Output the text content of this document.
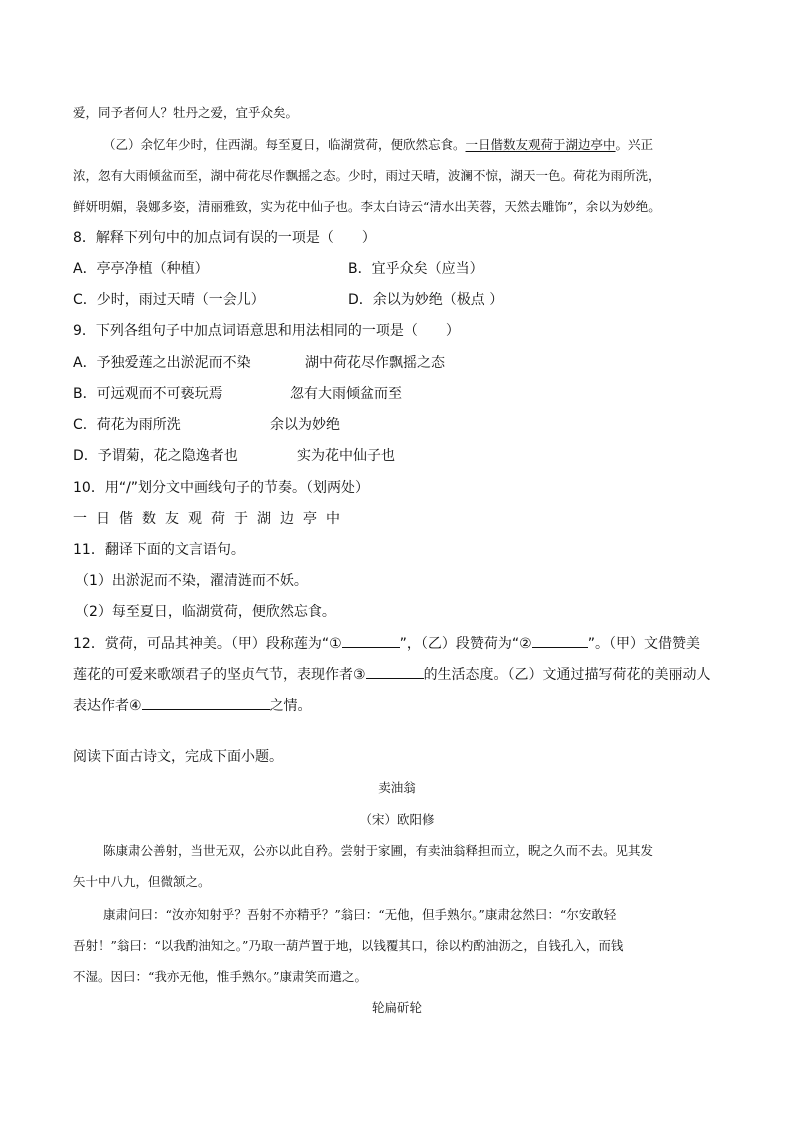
爱，同予者何人？牡丹之爱，宜乎众矣。
（乙）余忆年少时，住西湖。每至夏日，临湖赏荷，便欣然忘食。一日偕数友观荷于湖边亭中。兴正
浓，忽有大雨倾盆而至，湖中荷花尽作飘摇之态。少时，雨过天晴，波澜不惊，湖天一色。荷花为雨所洗，
鲜妍明媚，袅娜多姿，清丽雅致，实为花中仙子也。李太白诗云“清水出芙蓉，天然去雕饰”，余以为妙绝。
8．解释下列句中的加点词有误的一项是（　　）
A．亭亭净植（种植）	B．宜乎众矣（应当）
C．少时，雨过天晴（一会儿）	D．余以为妙绝（极点 ）
9．下列各组句子中加点词语意思和用法相同的一项是（　　）
A．予独爱莲之出淤泥而不染	湖中荷花尽作飘摇之态
B．可远观而不可亵玩焉	忽有大雨倾盆而至
C．荷花为雨所洗	余以为妙绝
D．予谓菊，花之隐逸者也	实为花中仙子也
10．用“/”划分文中画线句子的节奏。（划两处）
一日偕数友观荷于湖边亭中
11．翻译下面的文言语句。
（1）出淤泥而不染，濯清涟而不妖。
（2）每至夏日，临湖赏荷，便欣然忘食。
12．赏荷，可品其神美。（甲）段称莲为“①	”，（乙）段赞荷为“②	”。（甲）文借赞美
莲花的可爱来歌颂君子的坚贞气节，表现作者③	的生活态度。（乙）文通过描写荷花的美丽动人
表达作者④	之情。
阅读下面古诗文，完成下面小题。
卖油翁
（宋）欧阳修
陈康肃公善射，当世无双，公亦以此自矜。尝射于家圃，有卖油翁释担而立，睨之久而不去。见其发
矢十中八九，但微颔之。
康肃问曰：“汝亦知射乎？吾射不亦精乎？”翁曰：“无他，但手熟尔。”康肃忿然曰：“尔安敢轻
吾射！”翁曰：“以我酌油知之。”乃取一葫芦置于地，以钱覆其口，徐以杓酌油沥之，自钱孔入，而钱
不湿。因曰：“我亦无他，惟手熟尔。”康肃笑而遣之。
轮扁斫轮
